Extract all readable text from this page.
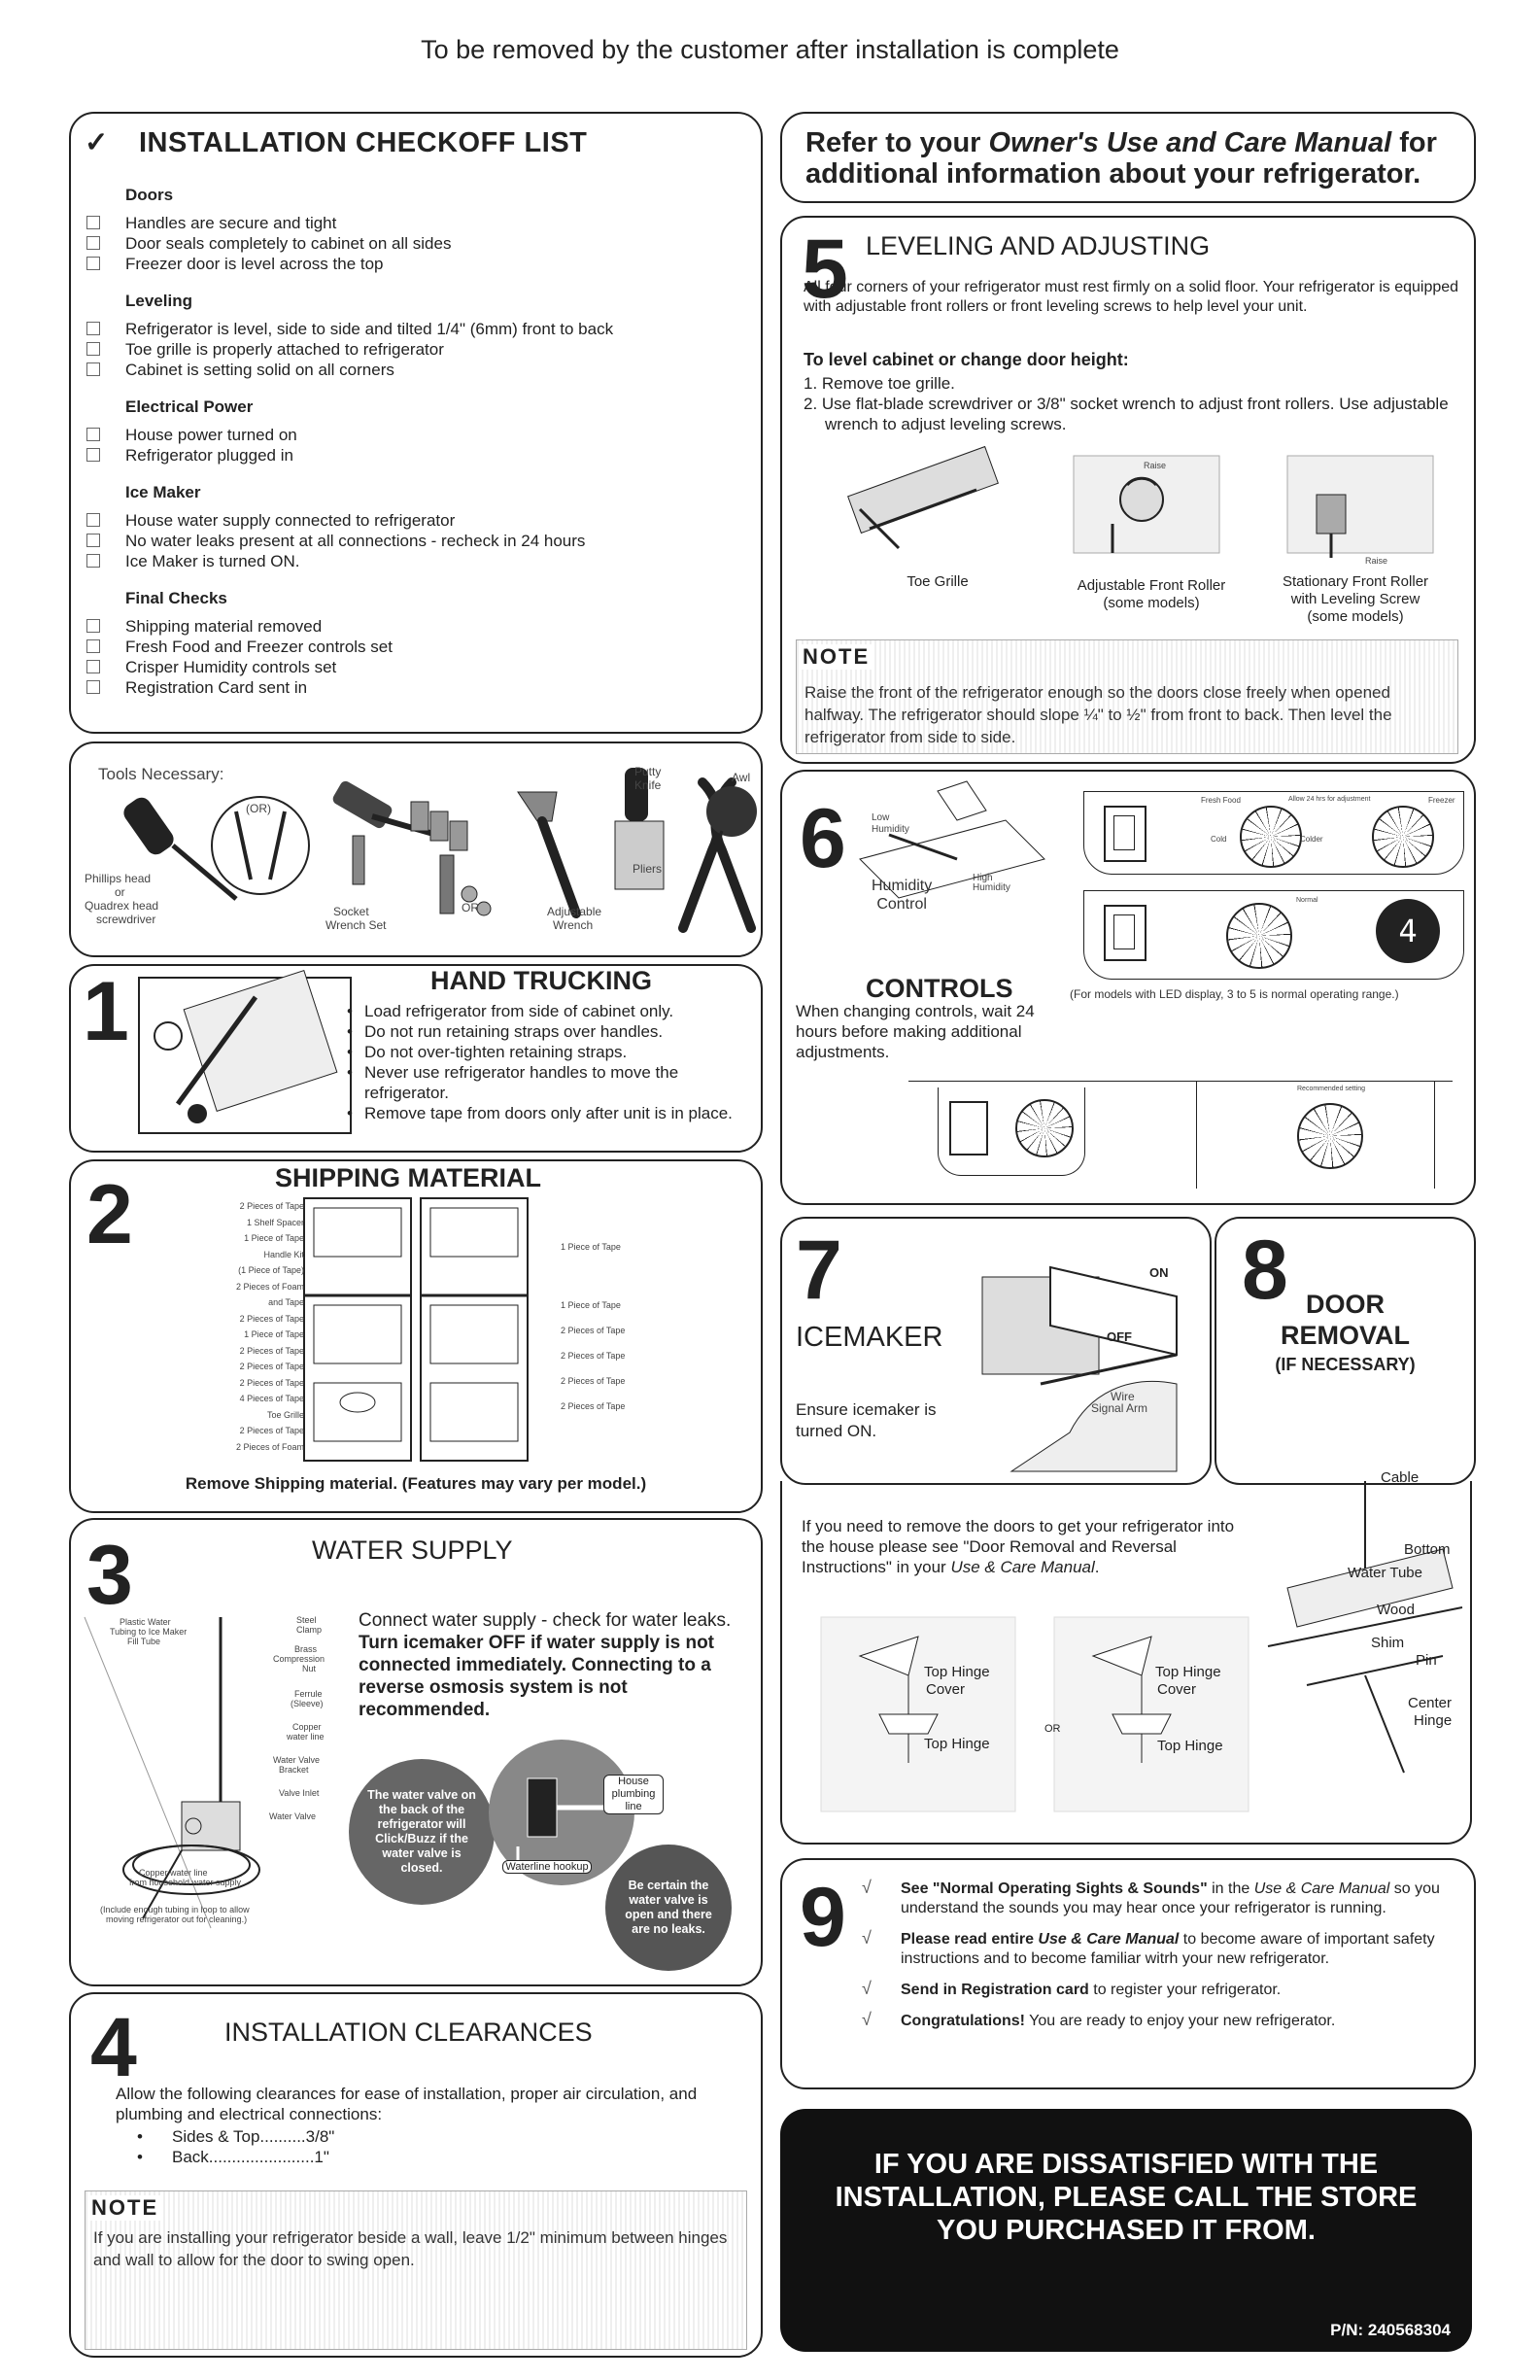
To be removed by the customer after installation is complete
✓ INSTALLATION CHECKOFF LIST
Doors
Handles are secure and tight
Door seals completely to cabinet on all sides
Freezer door is level across the top
Leveling
Refrigerator is level, side to side and tilted 1/4" (6mm) front to back
Toe grille is properly attached to refrigerator
Cabinet is setting solid on all corners
Electrical Power
House power turned on
Refrigerator plugged in
Ice Maker
House water supply connected to refrigerator
No water leaks present at all connections - recheck in 24 hours
Ice Maker is turned ON.
Final Checks
Shipping material removed
Fresh Food and Freezer controls set
Crisper Humidity controls set
Registration Card sent in
Tools Necessary:
(OR)
OR
Phillips head
or
Quadrex head
screwdriver
Socket
Wrench Set
Putty
Knife
Adjustable
Wrench
Pliers
Awl
1	HAND TRUCKING
• Load refrigerator from side of cabinet only.
• Do not run retaining straps over handles.
• Do not over-tighten retaining straps.
• Never use refrigerator handles to move the refrigerator.
• Remove tape from doors only after unit is in place.
2	SHIPPING MATERIAL
2 Pieces of Tape
1 Shelf Spacer
1 Piece of Tape
Handle Kit
(1 Piece of Tape)
2 Pieces of Foam
and Tape
2 Pieces of Tape
1 Piece of Tape
2 Pieces of Tape
2 Pieces of Tape
2 Pieces of Tape
4 Pieces of Tape
Toe Grille
2 Pieces of Tape
2 Pieces of Foam
1 Piece of Tape
1 Piece of Tape
2 Pieces of Tape
2 Pieces of Tape
2 Pieces of Tape
2 Pieces of Tape
Remove Shipping material. (Features may vary per model.)
3	WATER SUPPLY
Connect water supply - check for water leaks. Turn icemaker OFF if water supply is not connected immediately. Connecting to a reverse osmosis system is not recommended.
Plastic Water
Tubing to Ice Maker
Fill Tube
Steel
Clamp
Brass
Compression
Nut
Ferrule
(Sleeve)
Copper
water line
Water Valve
Bracket
Valve Inlet
Water Valve
Copper water line
from household water supply
(Include enough tubing in loop to allow
moving refrigerator out for cleaning.)
The water valve on the back of the refrigerator will Click/Buzz if the water valve is closed.
House plumbing line
Waterline hookup
Be certain the water valve is open and there are no leaks.
4	INSTALLATION CLEARANCES
Allow the following clearances for ease of installation, proper air circulation, and plumbing and electrical connections:
• Sides & Top..........3/8"
• Back.......................1"
NOTE
If you are installing your refrigerator beside a wall, leave 1/2" minimum between hinges and wall to allow for the door to swing open.
Refer to your Owner's Use and Care Manual for
additional information about your refrigerator.
5 LEVELING AND ADJUSTING
All four corners of your refrigerator must rest firmly on a solid floor. Your refrigerator is equipped with adjustable front rollers or front leveling screws to help level your unit.
To level cabinet or change door height:
1. Remove toe grille.
2. Use flat-blade screwdriver or 3/8" socket wrench to adjust front rollers. Use adjustable wrench to adjust leveling screws.
Raise
Raise
Toe Grille	Adjustable Front Roller
(some models)
Stationary Front Roller
with Leveling Screw
(some models)
NOTE
Raise the front of the refrigerator enough so the doors close freely when opened halfway. The refrigerator should slope ¼" to ½" from front to back. Then level the refrigerator from side to side.
6	Low
Humidity
High
Humidity
Humidity
Control
CONTROLS
When changing controls, wait 24 hours before making additional adjustments.
Fresh Food	Freezer
Cold	Colder
Allow 24 hrs for adjustment
Normal
4
(For models with LED display, 3 to 5 is normal operating range.)
Recommended setting
7
ICEMAKER
Ensure icemaker is turned ON.
ON
OFF
Wire
Signal Arm
8 DOOR
REMOVAL
(IF NECESSARY)
If you need to remove the doors to get your refrigerator into the house please see "Door Removal and Reversal Instructions" in your Use & Care Manual.
Cable
Bottom
Water Tube
Wood
Shim
Pin
Center
Hinge
Top Hinge
Cover
Top Hinge
OR
Top Hinge
Cover
Top Hinge
9 √ See "Normal Operating Sights & Sounds" in the Use & Care Manual so you understand the sounds you may hear once your refrigerator is running.
√ Please read entire Use & Care Manual to become aware of important safety instructions and to become familiar witrh your new refrigerator.
√ Send in Registration card to register your refrigerator.
√ Congratulations! You are ready to enjoy your new refrigerator.
IF YOU ARE DISSATISFIED WITH THE
INSTALLATION, PLEASE CALL THE STORE
YOU PURCHASED IT FROM.
P/N: 240568304
